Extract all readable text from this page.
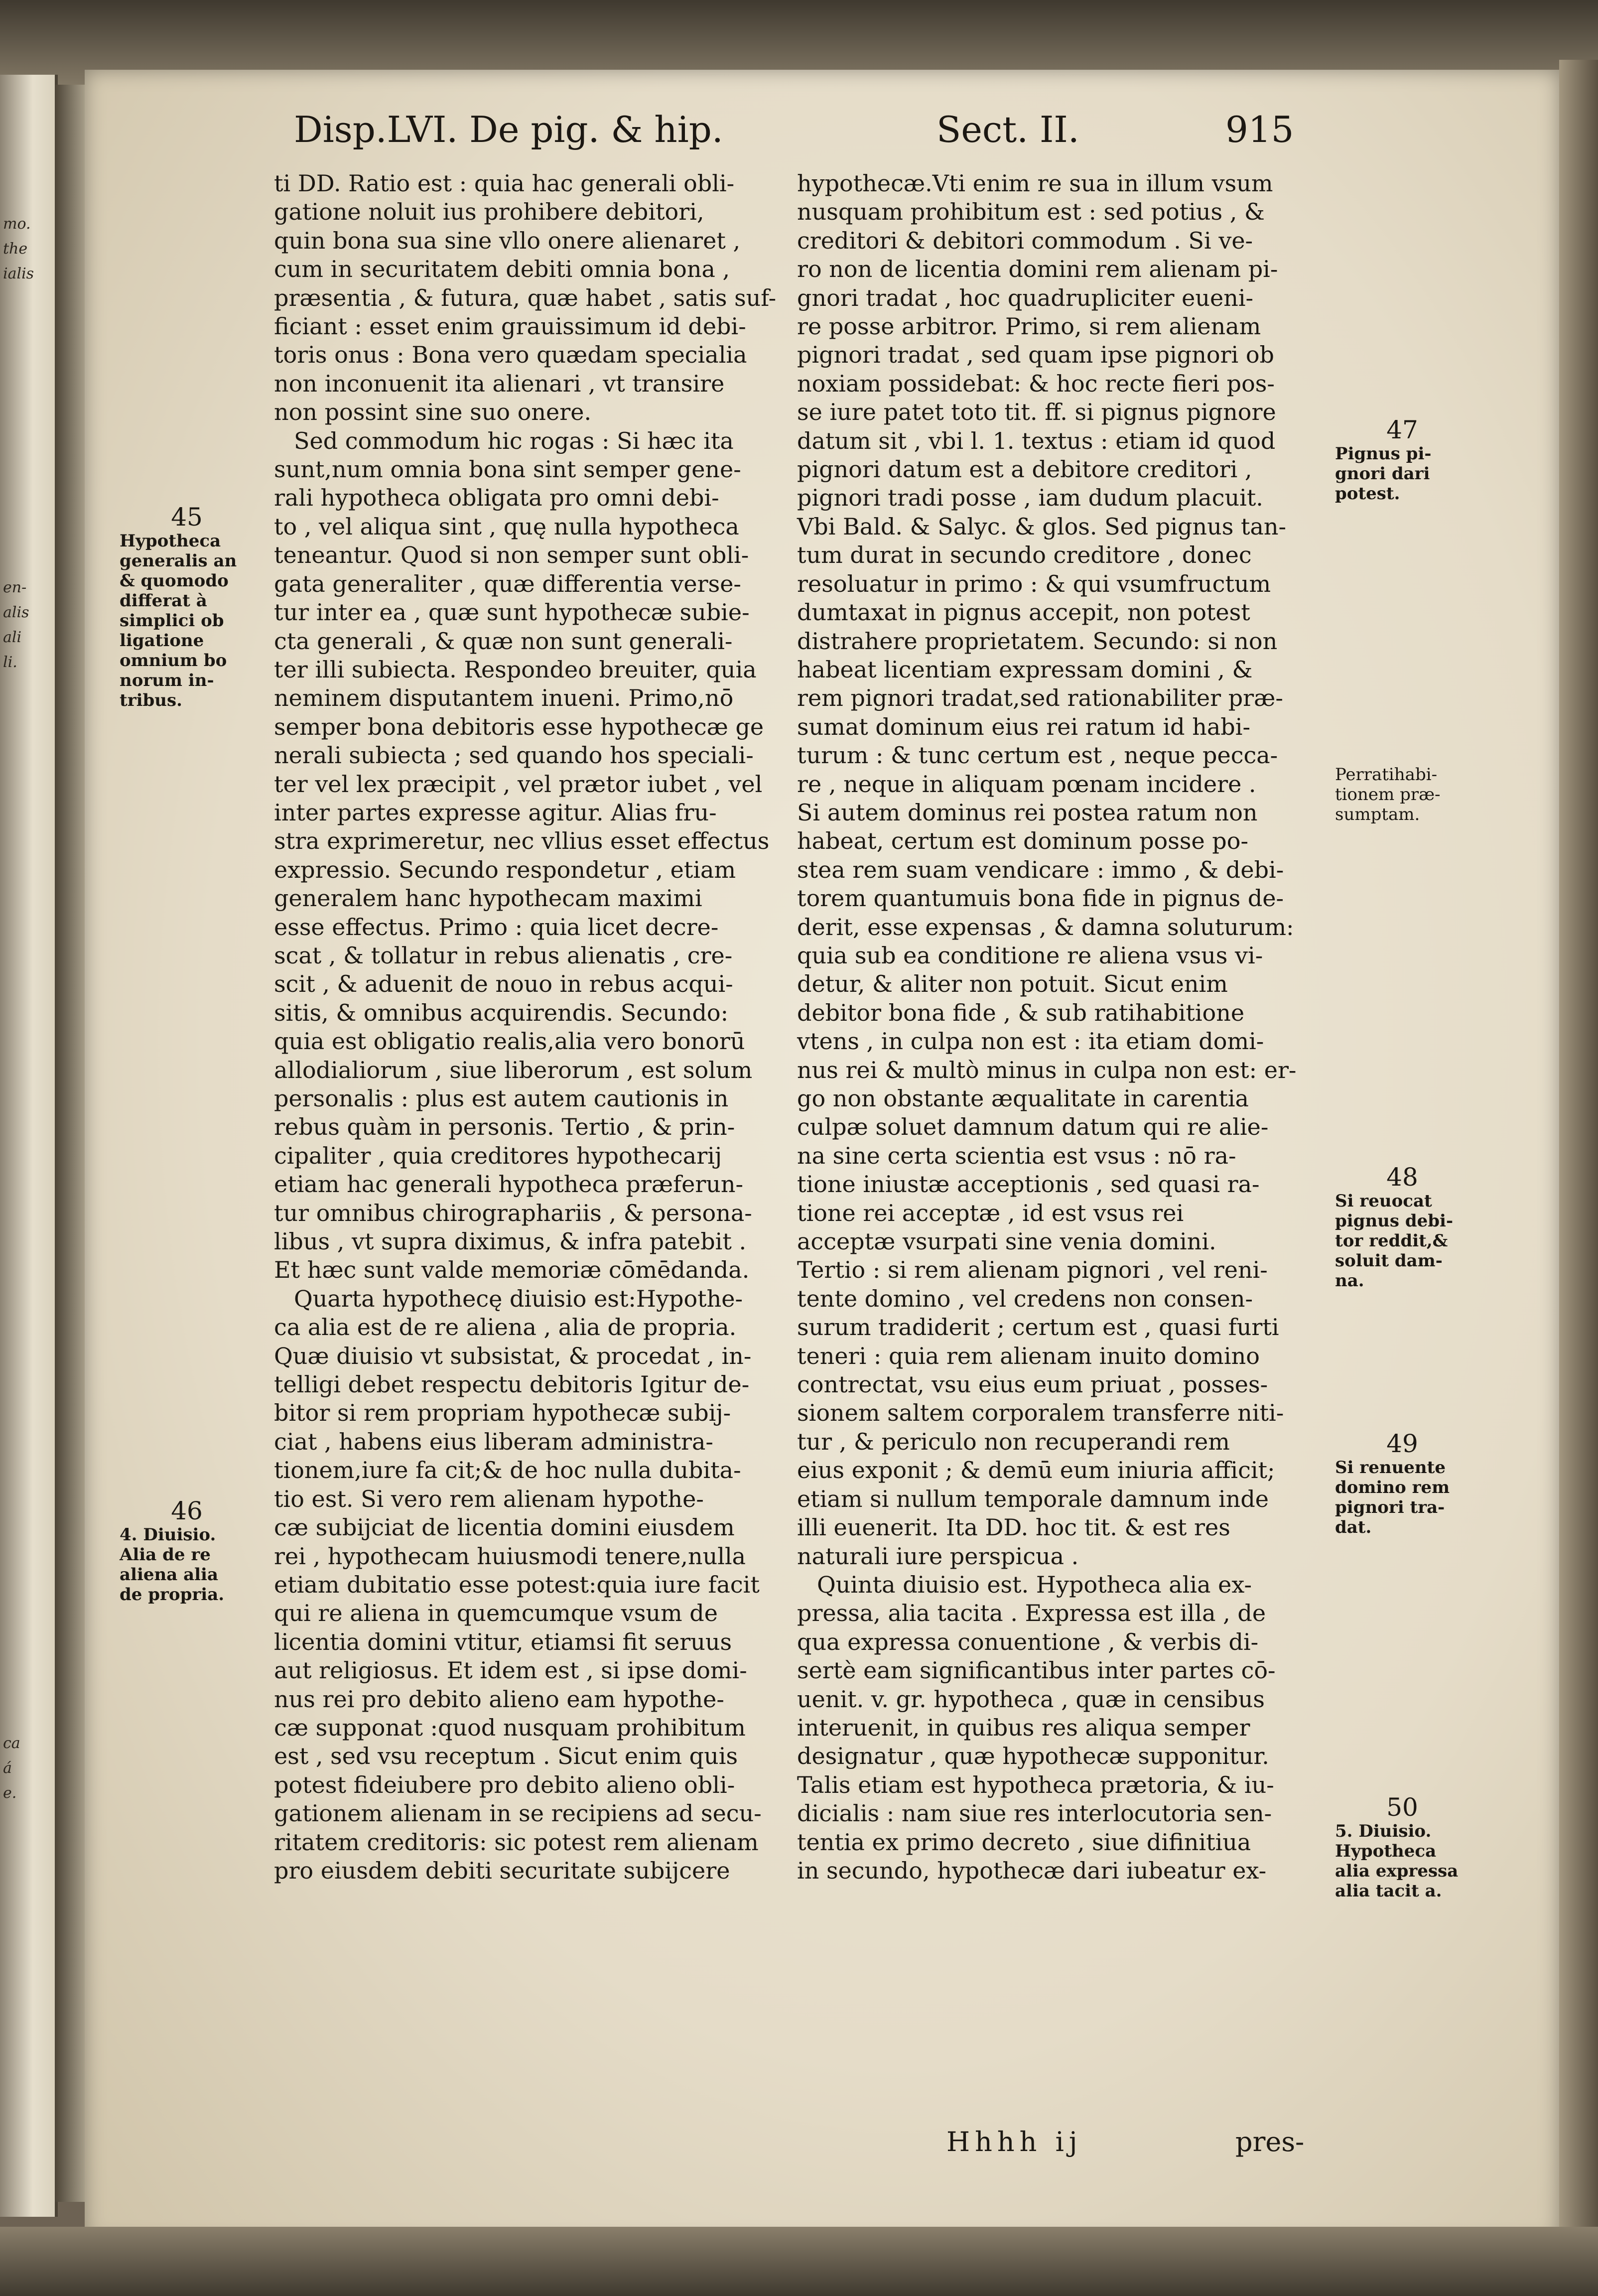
mo.
the
ialis
en-
alis
ali
li.
ca
á
e.
Disp.LVI. De pig. & hip.	Sect. II.	915
ti DD. Ratio est : quia hac generali obli-
gatione noluit ius prohibere debitori,
quin bona sua sine vllo onere alienaret ,
cum in securitatem debiti omnia bona ,
præsentia , & futura, quæ habet , satis suf-
ficiant : esset enim grauissimum id debi-
toris onus : Bona vero quædam specialia
non inconuenit ita alienari , vt transire
non possint sine suo onere.
Sed commodum hic rogas : Si hæc ita
sunt,num omnia bona sint semper gene-
rali hypotheca obligata pro omni debi-
to , vel aliqua sint , quę nulla hypotheca
teneantur. Quod si non semper sunt obli-
gata generaliter , quæ differentia verse-
tur inter ea , quæ sunt hypothecæ subie-
cta generali , & quæ non sunt generali-
ter illi subiecta. Respondeo breuiter, quia
neminem disputantem inueni. Primo,nō
semper bona debitoris esse hypothecæ ge
nerali subiecta ; sed quando hos speciali-
ter vel lex præcipit , vel prætor iubet , vel
inter partes expresse agitur. Alias fru-
stra exprimeretur, nec vllius esset effectus
expressio. Secundo respondetur , etiam
generalem hanc hypothecam maximi
esse effectus. Primo : quia licet decre-
scat , & tollatur in rebus alienatis , cre-
scit , & aduenit de nouo in rebus acqui-
sitis, & omnibus acquirendis. Secundo:
quia est obligatio realis,alia vero bonorū
allodialiorum , siue liberorum , est solum
personalis : plus est autem cautionis in
rebus quàm in personis. Tertio , & prin-
cipaliter , quia creditores hypothecarij
etiam hac generali hypotheca præferun-
tur omnibus chirographariis , & persona-
libus , vt supra diximus, & infra patebit .
Et hæc sunt valde memoriæ cōmēdanda.
Quarta hypothecę diuisio est:Hypothe-
ca alia est de re aliena , alia de propria.
Quæ diuisio vt subsistat, & procedat , in-
telligi debet respectu debitoris Igitur de-
bitor si rem propriam hypothecæ subij-
ciat , habens eius liberam administra-
tionem,iure fa cit;& de hoc nulla dubita-
tio est. Si vero rem alienam hypothe-
cæ subijciat de licentia domini eiusdem
rei , hypothecam huiusmodi tenere,nulla
etiam dubitatio esse potest:quia iure facit
qui re aliena in quemcumque vsum de
licentia domini vtitur, etiamsi fit seruus
aut religiosus. Et idem est , si ipse domi-
nus rei pro debito alieno eam hypothe-
cæ supponat :quod nusquam prohibitum
est , sed vsu receptum . Sicut enim quis
potest fideiubere pro debito alieno obli-
gationem alienam in se recipiens ad secu-
ritatem creditoris: sic potest rem alienam
pro eiusdem debiti securitate subijcere
hypothecæ.Vti enim re sua in illum vsum
nusquam prohibitum est : sed potius , &
creditori & debitori commodum . Si ve-
ro non de licentia domini rem alienam pi-
gnori tradat , hoc quadrupliciter eueni-
re posse arbitror. Primo, si rem alienam
pignori tradat , sed quam ipse pignori ob
noxiam possidebat: & hoc recte fieri pos-
se iure patet toto tit. ff. si pignus pignore
datum sit , vbi l. 1. textus : etiam id quod
pignori datum est a debitore creditori ,
pignori tradi posse , iam dudum placuit.
Vbi Bald. & Salyc. & glos. Sed pignus tan-
tum durat in secundo creditore , donec
resoluatur in primo : & qui vsumfructum
dumtaxat in pignus accepit, non potest
distrahere proprietatem. Secundo: si non
habeat licentiam expressam domini , &
rem pignori tradat,sed rationabiliter præ-
sumat dominum eius rei ratum id habi-
turum : & tunc certum est , neque pecca-
re , neque in aliquam pœnam incidere .
Si autem dominus rei postea ratum non
habeat, certum est dominum posse po-
stea rem suam vendicare : immo , & debi-
torem quantumuis bona fide in pignus de-
derit, esse expensas , & damna soluturum:
quia sub ea conditione re aliena vsus vi-
detur, & aliter non potuit. Sicut enim
debitor bona fide , & sub ratihabitione
vtens , in culpa non est : ita etiam domi-
nus rei & multò minus in culpa non est: er-
go non obstante æqualitate in carentia
culpæ soluet damnum datum qui re alie-
na sine certa scientia est vsus : nō ra-
tione iniustæ acceptionis , sed quasi ra-
tione rei acceptæ , id est vsus rei
acceptæ vsurpati sine venia domini.
Tertio : si rem alienam pignori , vel reni-
tente domino , vel credens non consen-
surum tradiderit ; certum est , quasi furti
teneri : quia rem alienam inuito domino
contrectat, vsu eius eum priuat , posses-
sionem saltem corporalem transferre niti-
tur , & periculo non recuperandi rem
eius exponit ; & demū eum iniuria afficit;
etiam si nullum temporale damnum inde
illi euenerit. Ita DD. hoc tit. & est res
naturali iure perspicua .
Quinta diuisio est. Hypotheca alia ex-
pressa, alia tacita . Expressa est illa , de
qua expressa conuentione , & verbis di-
sertè eam significantibus inter partes cō-
uenit. v. gr. hypotheca , quæ in censibus
interuenit, in quibus res aliqua semper
designatur , quæ hypothecæ supponitur.
Talis etiam est hypotheca prætoria, & iu-
dicialis : nam siue res interlocutoria sen-
tentia ex primo decreto , siue difinitiua
in secundo, hypothecæ dari iubeatur ex-
45
Hypotheca
generalis an
& quomodo
differat à
simplici ob
ligatione
omnium bo
norum in-
tribus.
46
4. Diuisio.
Alia de re
aliena alia
de propria.
47
Pignus pi-
gnori dari
potest.
Perratihabi-
tionem præ-
sumptam.
48
Si reuocat
pignus debi-
tor reddit,&
soluit dam-
na.
49
Si renuente
domino rem
pignori tra-
dat.
50
5. Diuisio.
Hypotheca
alia expressa
alia tacit a.
Hhhh ij	pres-
